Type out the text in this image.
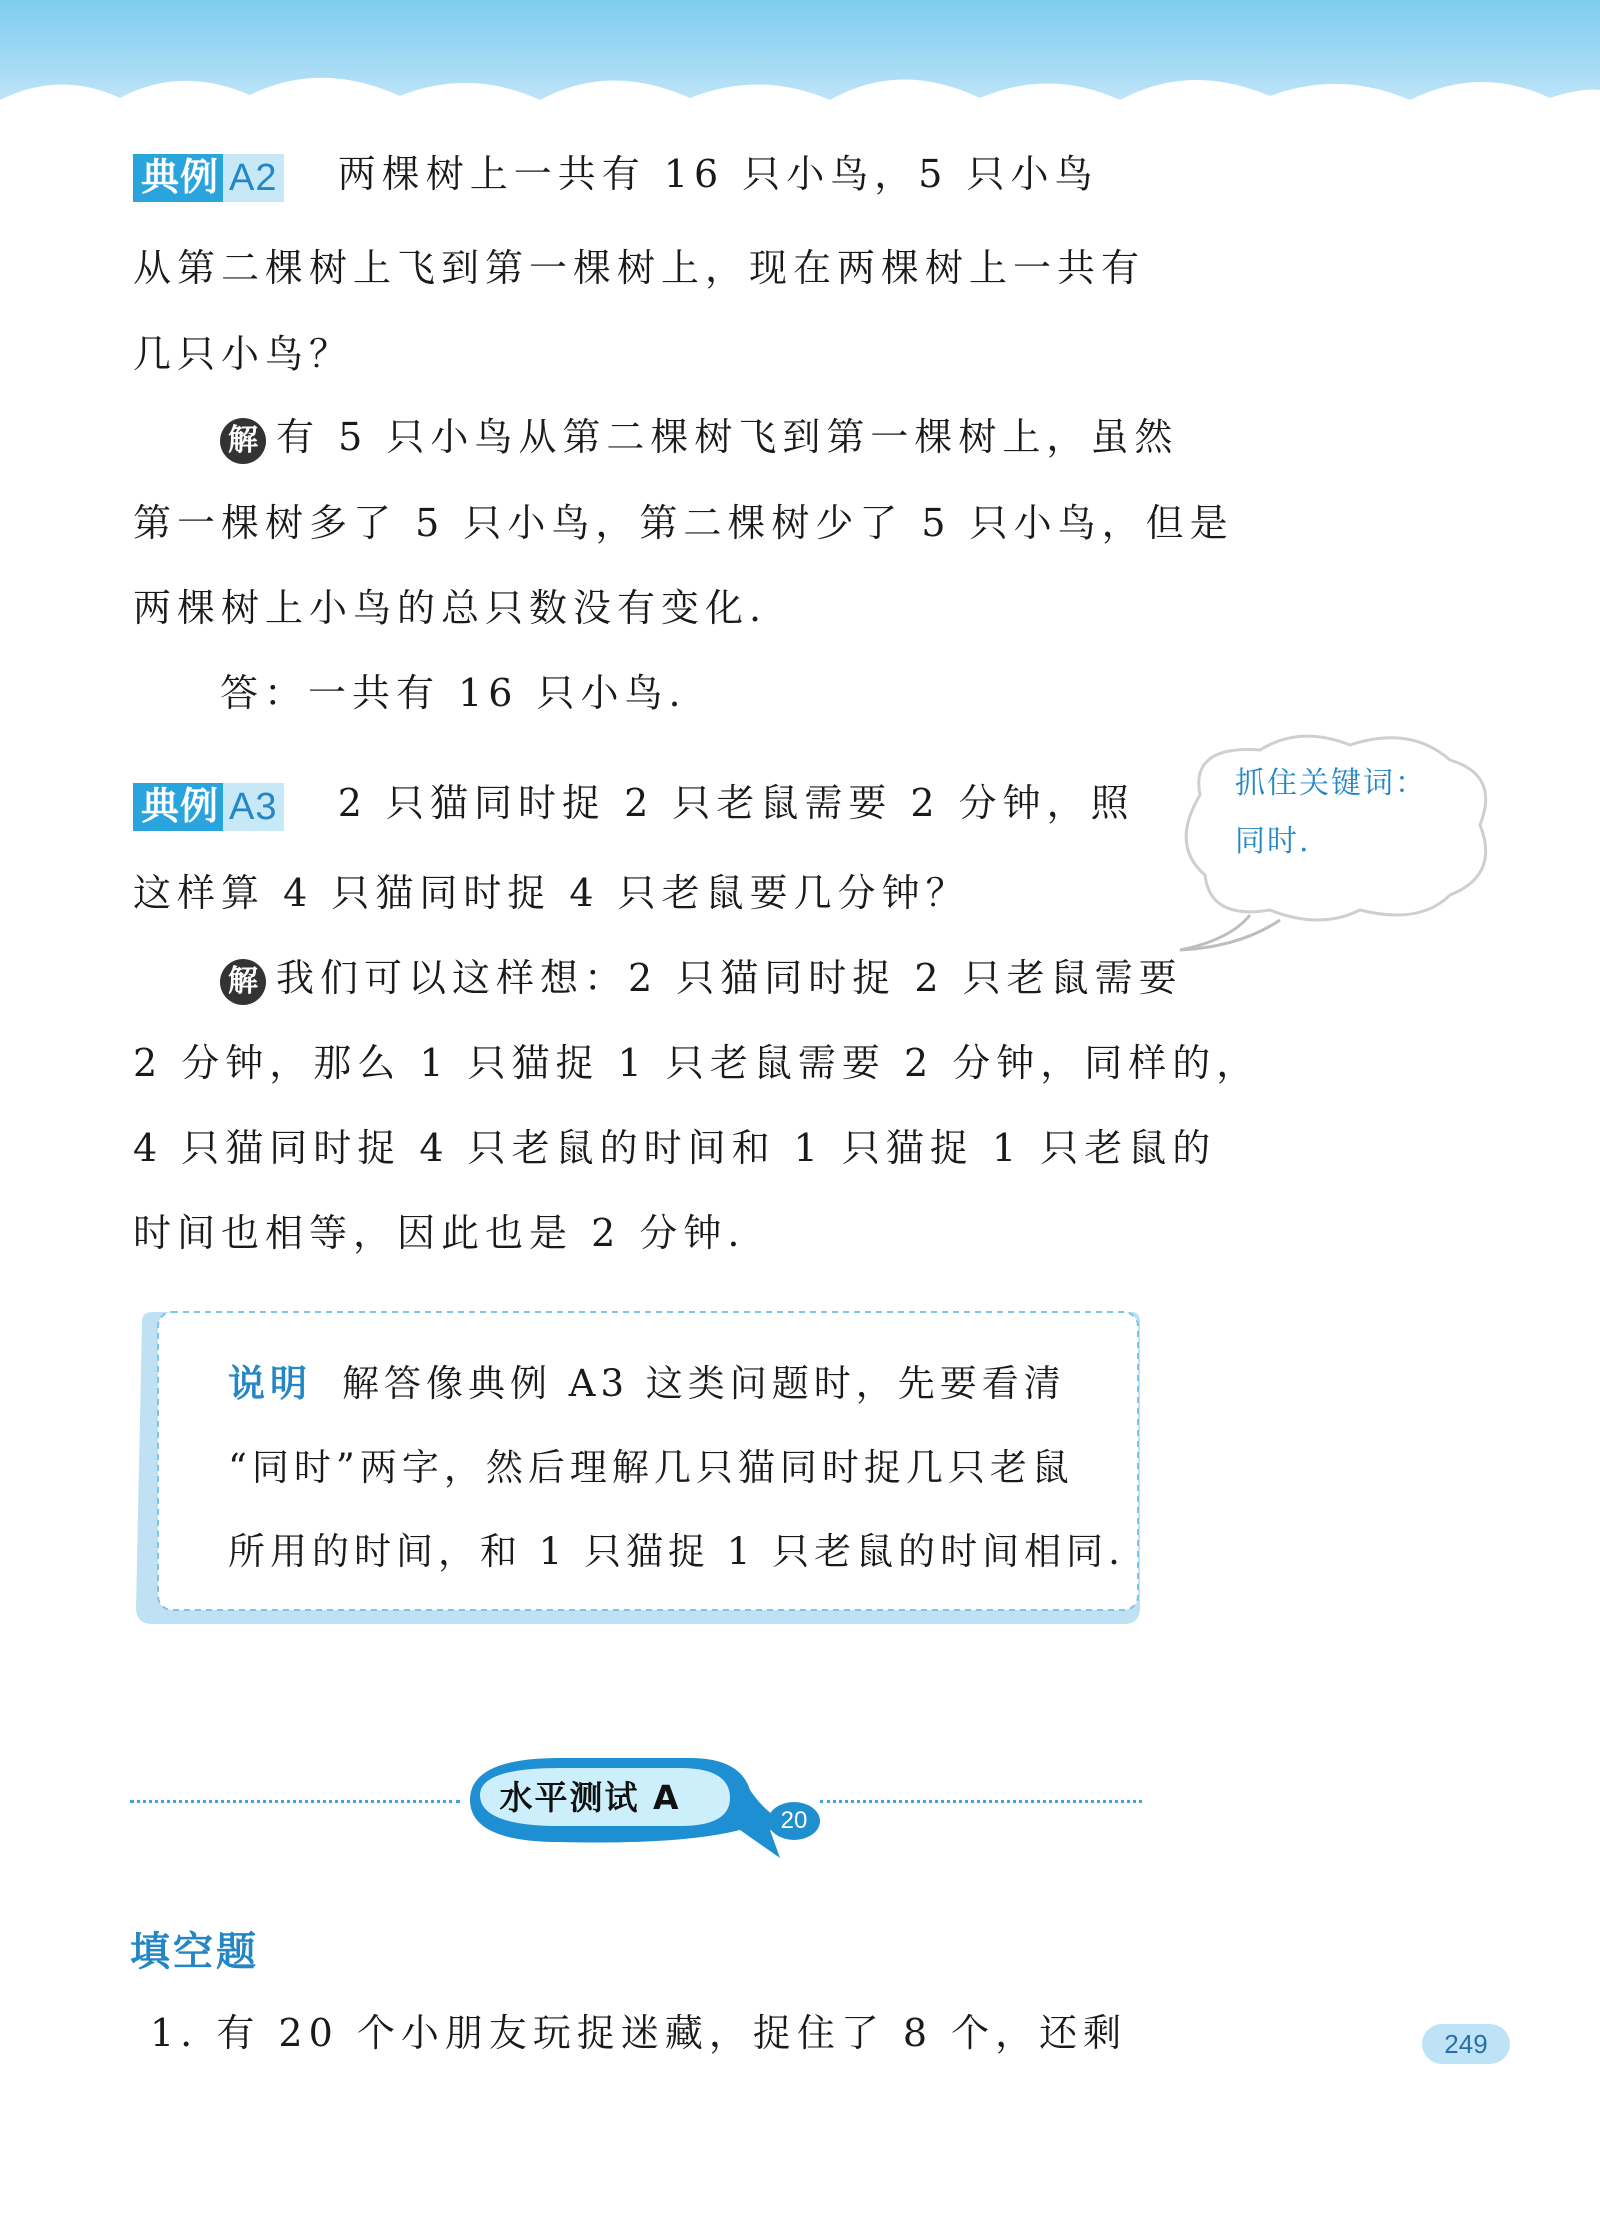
典例 A2 两棵树上一共有 16 只小鸟，5 只小鸟
从第二棵树上飞到第一棵树上，现在两棵树上一共有
几只小鸟？
解 有 5 只小鸟从第二棵树飞到第一棵树上，虽然
第一棵树多了 5 只小鸟，第二棵树少了 5 只小鸟，但是
两棵树上小鸟的总只数没有变化.
答：一共有 16 只小鸟.
典例 A3 2 只猫同时捉 2 只老鼠需要 2 分钟，照
这样算 4 只猫同时捉 4 只老鼠要几分钟？
解 我们可以这样想：2 只猫同时捉 2 只老鼠需要
2 分钟，那么 1 只猫捉 1 只老鼠需要 2 分钟，同样的，
4 只猫同时捉 4 只老鼠的时间和 1 只猫捉 1 只老鼠的
时间也相等，因此也是 2 分钟.
抓住关键词：
同时.
说明 解答像典例 A3 这类问题时，先要看清
“同时”两字，然后理解几只猫同时捉几只老鼠
所用的时间，和 1 只猫捉 1 只老鼠的时间相同.
水平测试 A
20
填空题
1. 有 20 个小朋友玩捉迷藏，捉住了 8 个，还剩	249
